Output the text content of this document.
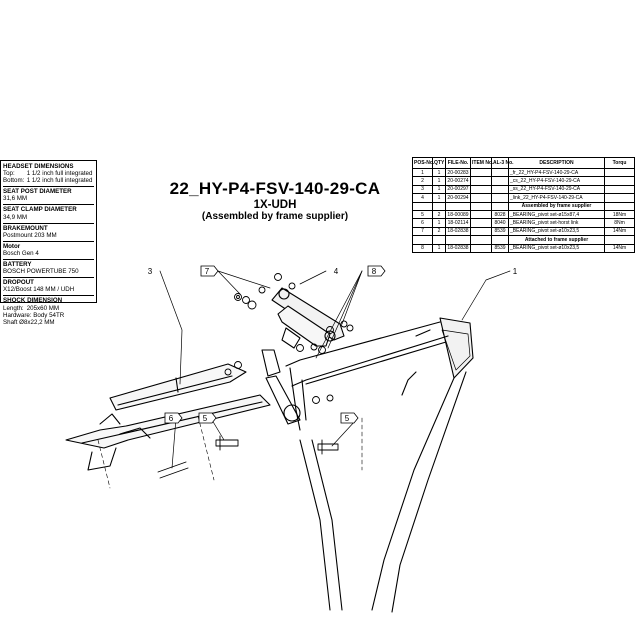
3	4	1
7	8
5
6	5
22_HY-P4-FSV-140-29-CA
1X-UDH
(Assembled by frame supplier)
HEADSET DIMENSIONS
Top: 1 1/2 inch full integrated
Bottom: 1 1/2 inch full integrated
SEAT POST DIAMETER
31,6 MM
SEAT CLAMP DIAMETER
34,9 MM
BRAKEMOUNT
Postmount 203 MM
Motor
Bosch Gen 4
BATTERY
BOSCH POWERTUBE 750
DROPOUT
X12/Boost 148 MM / UDH
SHOCK DIMENSION
Length: 205x60 MM
Hardware: Body 54TR
Shaft Ø8x22,2 MM
POS-No.	QTY	FILE-No.	ITEM No.	AL-3 No.	DESCRIPTION	Torqu
1	1	20-00283			_fr_22_HY-P4-FSV-140-29-CA	
2	1	20-00274			_cs_22_HY-P4-FSV-140-29-CA	
3	1	20-00297			_ss_22_HY-P4-FSV-140-29-CA	
4	1	20-00294			_link_22_HY-P4-FSV-140-29-CA	
					Assembled by frame supplier	
5	2	18-00089		8028	_BEARING_pivot set-ø15x87,4	18Nm
6	1	18-02114		8040	_BEARING_pivot set-horst link	8Nm
7	2	18-02838		8539	_BEARING_pivot set-ø10x23,5	14Nm
					Attached to frame supplier	
8	1	18-02838		8539	_BEARING_pivot set-ø10x23,5	14Nm
